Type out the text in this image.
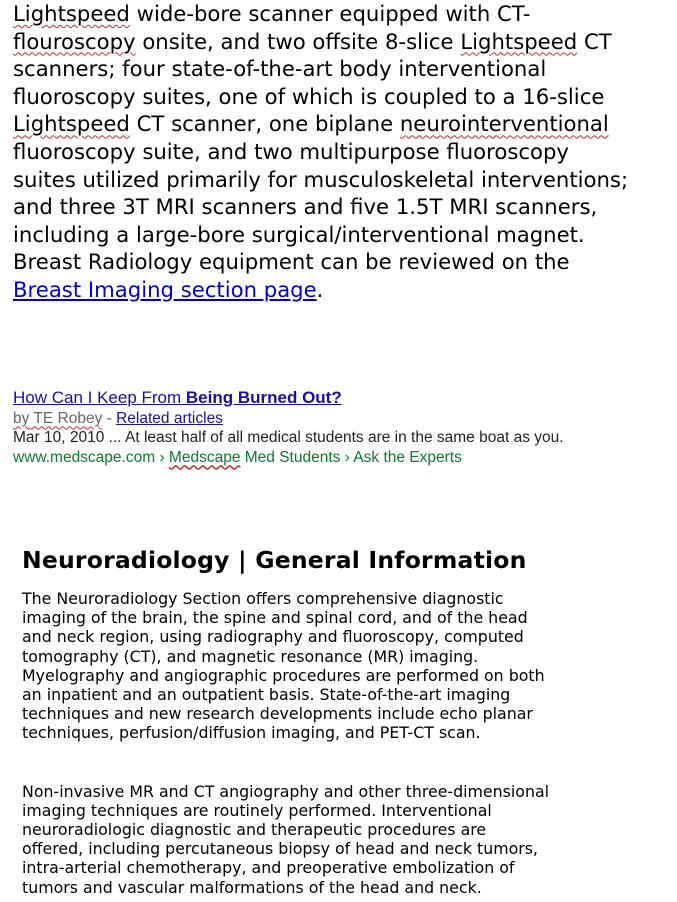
Lightspeed wide-bore scanner equipped with CT-

flouroscopy onsite, and two offsite 8-slice Lightspeed CT

scanners; four state-of-the-art body interventional

fluoroscopy suites, one of which is coupled to a 16-slice

Lightspeed CT scanner, one biplane neurointerventional

fluoroscopy suite, and two multipurpose fluoroscopy

suites utilized primarily for musculoskeletal interventions;

and three 3T MRI scanners and five 1.5T MRI scanners,

including a large-bore surgical/interventional magnet.

Breast Radiology equipment can be reviewed on the

Breast Imaging section page.

How Can I Keep From Being Burned Out?
by TE Robey - Related articles
Mar 10, 2010 ... At least half of all medical students are in the same boat as you.
www.medscape.com › Medscape Med Students › Ask the Experts
Neuroradiology | General Information

The Neuroradiology Section offers comprehensive diagnostic
imaging of the brain, the spine and spinal cord, and of the head
and neck region, using radiography and fluoroscopy, computed
tomography (CT), and magnetic resonance (MR) imaging.
Myelography and angiographic procedures are performed on both
an inpatient and an outpatient basis. State-of-the-art imaging
techniques and new research developments include echo planar
techniques, perfusion/diffusion imaging, and PET-CT scan.

Non-invasive MR and CT angiography and other three-dimensional
imaging techniques are routinely performed. Interventional
neuroradiologic diagnostic and therapeutic procedures are
offered, including percutaneous biopsy of head and neck tumors,
intra-arterial chemotherapy, and preoperative embolization of
tumors and vascular malformations of the head and neck.
